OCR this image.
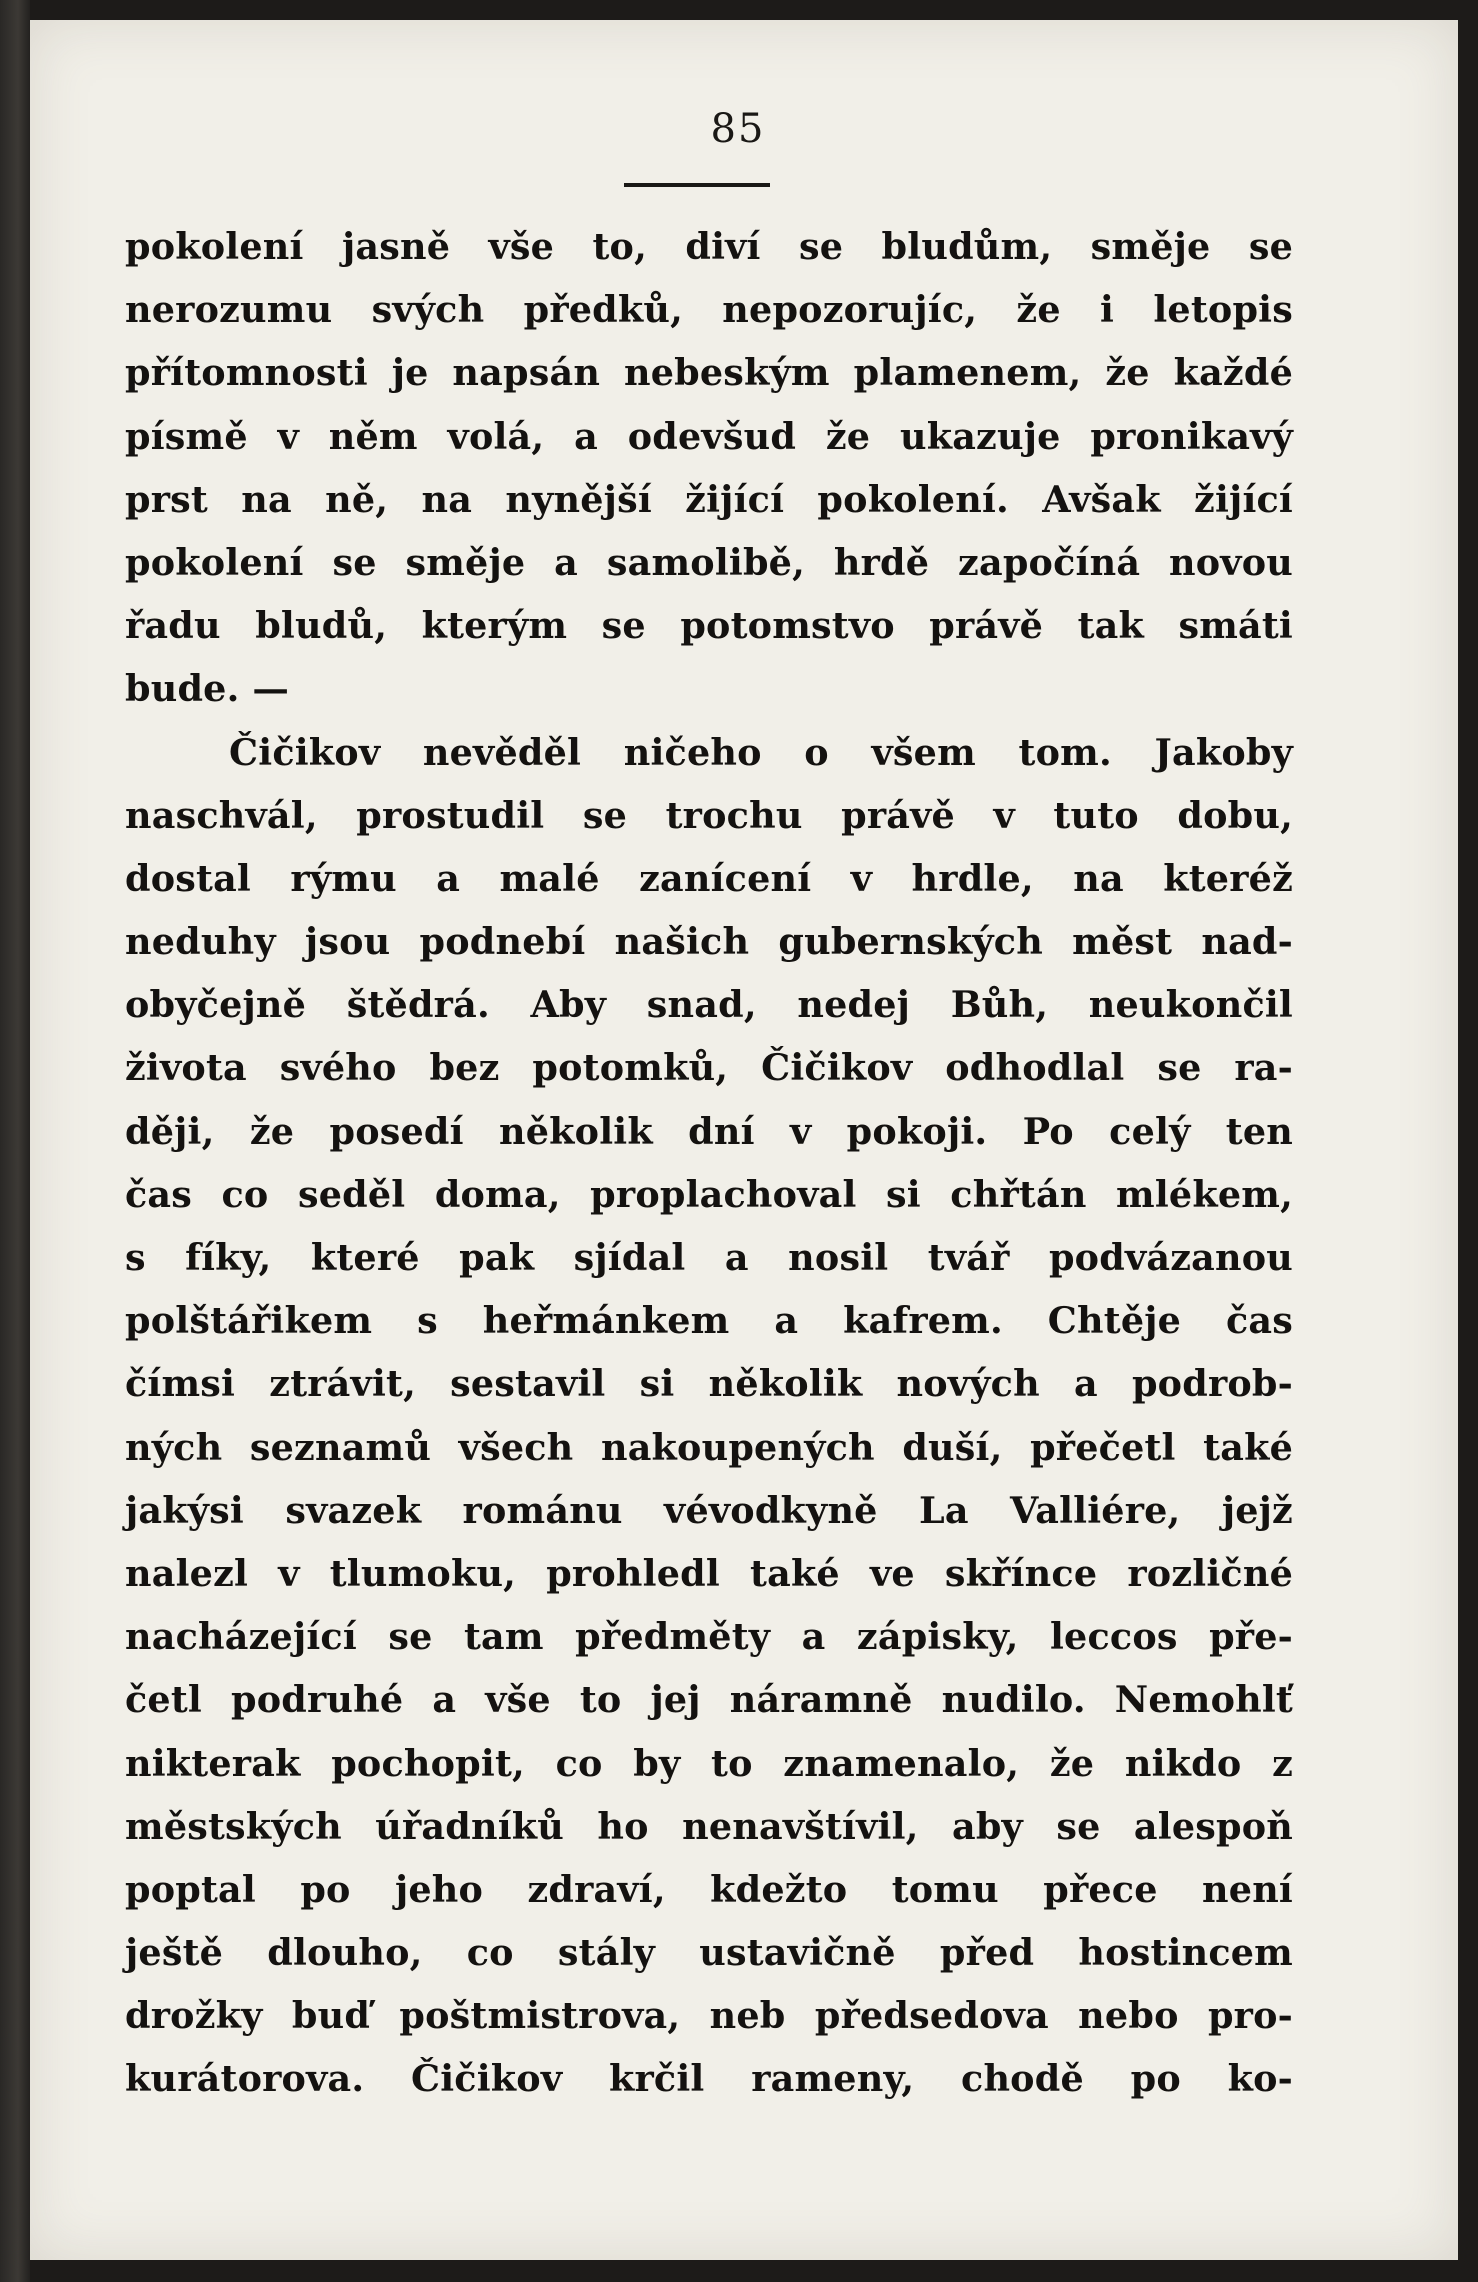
85
pokolení jasně vše to, diví se bludům, směje se
nerozumu svých předků, nepozorujíc, že i letopis
přítomnosti je napsán nebeským plamenem, že každé
písmě v něm volá, a odevšud že ukazuje pronikavý
prst na ně, na nynější žijící pokolení. Avšak žijící
pokolení se směje a samolibě, hrdě započíná novou
řadu bludů, kterým se potomstvo právě tak smáti
bude. —
Čičikov nevěděl ničeho o všem tom. Jakoby
naschvál, prostudil se trochu právě v tuto dobu,
dostal rýmu a malé zanícení v hrdle, na kteréž
neduhy jsou podnebí našich gubernských měst nad-
obyčejně štědrá. Aby snad, nedej Bůh, neukončil
života svého bez potomků, Čičikov odhodlal se ra-
ději, že posedí několik dní v pokoji. Po celý ten
čas co seděl doma, proplachoval si chřtán mlékem,
s fíky, které pak sjídal a nosil tvář podvázanou
polštářikem s heřmánkem a kafrem. Chtěje čas
čímsi ztrávit, sestavil si několik nových a podrob-
ných seznamů všech nakoupených duší, přečetl také
jakýsi svazek románu vévodkyně La Valliére, jejž
nalezl v tlumoku, prohledl také ve skřínce rozličné
nacházející se tam předměty a zápisky, leccos pře-
četl podruhé a vše to jej náramně nudilo. Nemohlť
nikterak pochopit, co by to znamenalo, že nikdo z
městských úřadníků ho nenavštívil, aby se alespoň
poptal po jeho zdraví, kdežto tomu přece není
ještě dlouho, co stály ustavičně před hostincem
drožky buď poštmistrova, neb předsedova nebo pro-
kurátorova. Čičikov krčil rameny, chodě po ko-
